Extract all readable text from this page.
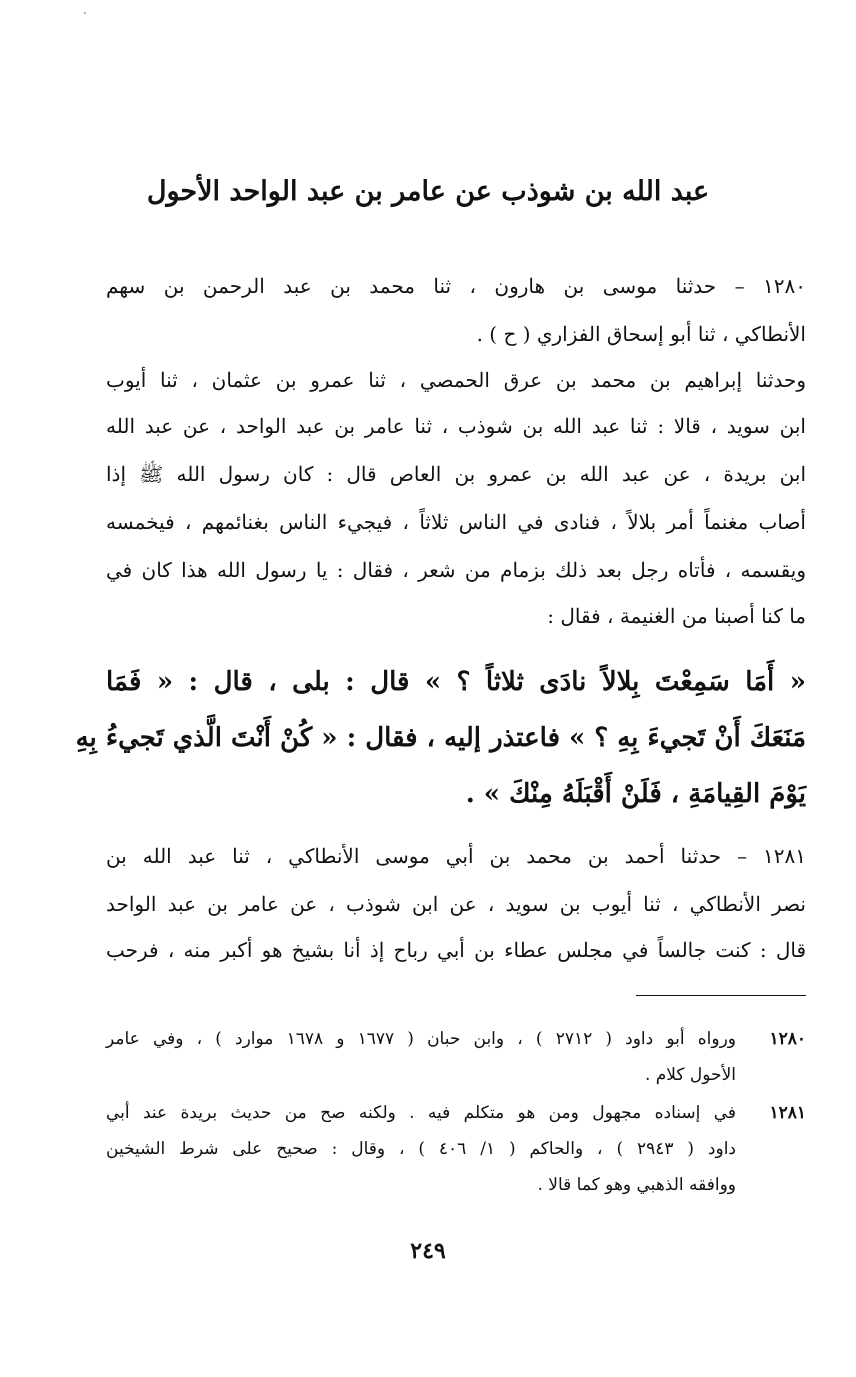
عبد الله بن شوذب عن عامر بن عبد الواحد الأحول
١٢٨٠ – حدثنا موسى بن هارون ، ثنا محمد بن عبد الرحمن بن سهم
الأنطاكي ، ثنا أبو إسحاق الفزاري ( ح ) .
وحدثنا إبراهيم بن محمد بن عرق الحمصي ، ثنا عمرو بن عثمان ، ثنا أيوب
ابن سويد ، قالا : ثنا عبد الله بن شوذب ، ثنا عامر بن عبد الواحد ، عن عبد الله
ابن بريدة ، عن عبد الله بن عمرو بن العاص قال : كان رسول الله ﷺ إذا
أصاب مغنماً أمر بلالاً ، فنادى في الناس ثلاثاً ، فيجيء الناس بغنائمهم ، فيخمسه
ويقسمه ، فأتاه رجل بعد ذلك بزمام من شعر ، فقال : يا رسول الله هذا كان في
ما كنا أصبنا من الغنيمة ، فقال :
« أَمَا سَمِعْتَ بِلالاً نادَى ثلاثاً ؟ » قال : بلى ، قال : « فَمَا
مَنَعَكَ أَنْ تَجيءَ بِهِ ؟ » فاعتذر إليه ، فقال : « كُنْ أَنْتَ الَّذي تَجيءُ بِهِ
يَوْمَ القِيامَةِ ، فَلَنْ أَقْبَلَهُ مِنْكَ » .
١٢٨١ – حدثنا أحمد بن محمد بن أبي موسى الأنطاكي ، ثنا عبد الله بن
نصر الأنطاكي ، ثنا أيوب بن سويد ، عن ابن شوذب ، عن عامر بن عبد الواحد
قال : كنت جالساً في مجلس عطاء بن أبي رباح إذ أنا بشيخ هو أكبر منه ، فرحب
١٢٨٠
ورواه أبو داود ( ٢٧١٢ ) ، وابن حبان ( ١٦٧٧ و ١٦٧٨ موارد ) ، وفي عامر
الأحول كلام .
١٢٨١
في إسناده مجهول ومن هو متكلم فيه . ولكنه صح من حديث بريدة عند أبي
داود ( ٢٩٤٣ ) ، والحاكم ( ١/ ٤٠٦ ) ، وقال : صحيح على شرط الشيخين
ووافقه الذهبي وهو كما قالا .
٢٤٩
